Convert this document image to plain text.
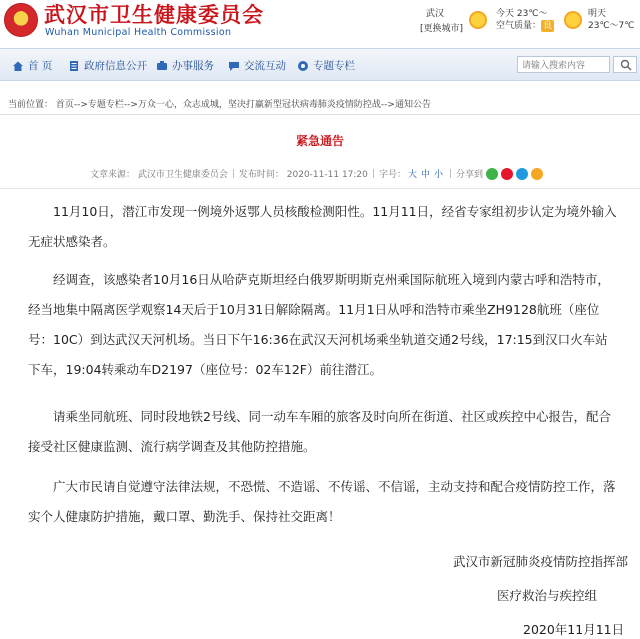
★ 武汉市卫生健康委员会
Wuhan Municipal Health Commission
武汉
[更换城市]
今天 23℃～
空气质量： 良
明天
23℃～7℃
首 页	政府信息公开 办事服务	交流互动	专题专栏
请输入搜索内容
当前位置： 首页-->专题专栏-->万众一心，众志成城，坚决打赢新型冠状病毒肺炎疫情防控战-->通知公告
紧急通告
文章来源： 武汉市卫生健康委员会 | 发布时间： 2020-11-11 17:20 | 字号： 大 中 小 | 分享到
11月10日，潜江市发现一例境外返鄂人员核酸检测阳性。11月11日，经省专家组初步认定为境外输入无症状感染者。
经调查，该感染者10月16日从哈萨克斯坦经白俄罗斯明斯克州乘国际航班入境到内蒙古呼和浩特市，经当地集中隔离医学观察14天后于10月31日解除隔离。11月1日从呼和浩特市乘坐ZH9128航班（座位号：10C）到达武汉天河机场。当日下午16:36在武汉天河机场乘坐轨道交通2号线，17:15到汉口火车站下车，19:04转乘动车D2197（座位号：02车12F）前往潜江。
请乘坐同航班、同时段地铁2号线、同一动车车厢的旅客及时向所在街道、社区或疾控中心报告，配合接受社区健康监测、流行病学调查及其他防控措施。
广大市民请自觉遵守法律法规，不恐慌、不造谣、不传谣、不信谣，主动支持和配合疫情防控工作，落实个人健康防护措施，戴口罩、勤洗手、保持社交距离！
武汉市新冠肺炎疫情防控指挥部
医疗救治与疾控组
2020年11月11日
